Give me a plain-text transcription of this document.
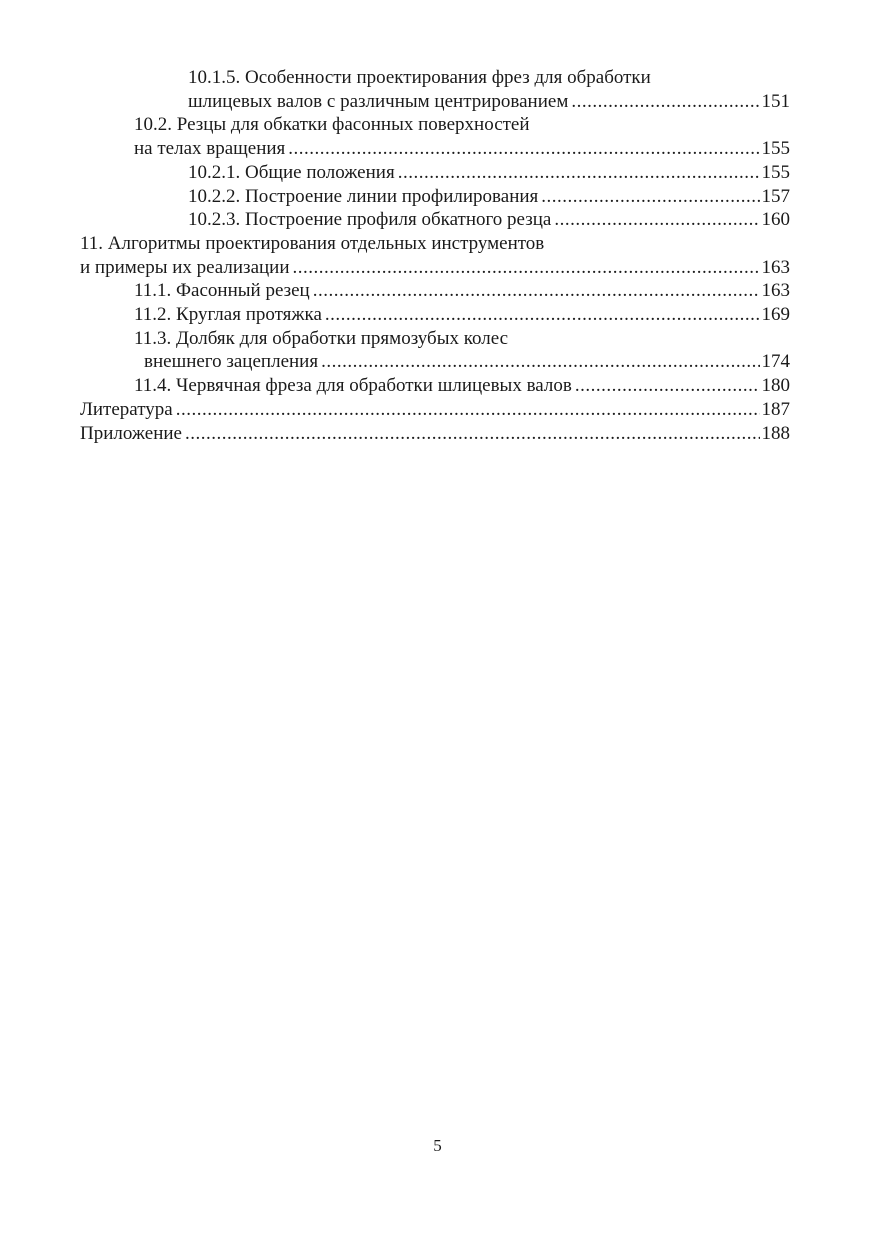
10.1.5. Особенности проектирования фрез для обработки
шлицевых валов с различным центрированием .....	151
10.2. Резцы для обкатки фасонных поверхностей
на телах вращения .....	155
10.2.1. Общие положения .....	155
10.2.2. Построение линии профилирования .....	157
10.2.3. Построение профиля обкатного резца .....	160
11. Алгоритмы проектирования отдельных инструментов
и примеры их реализации .....	163
11.1. Фасонный резец .....	163
11.2. Круглая протяжка .....	169
11.3. Долбяк для обработки прямозубых колес
внешнего зацепления .....	174
11.4. Червячная фреза для обработки шлицевых валов .....	180
Литература .....	187
Приложение .....	188
5
